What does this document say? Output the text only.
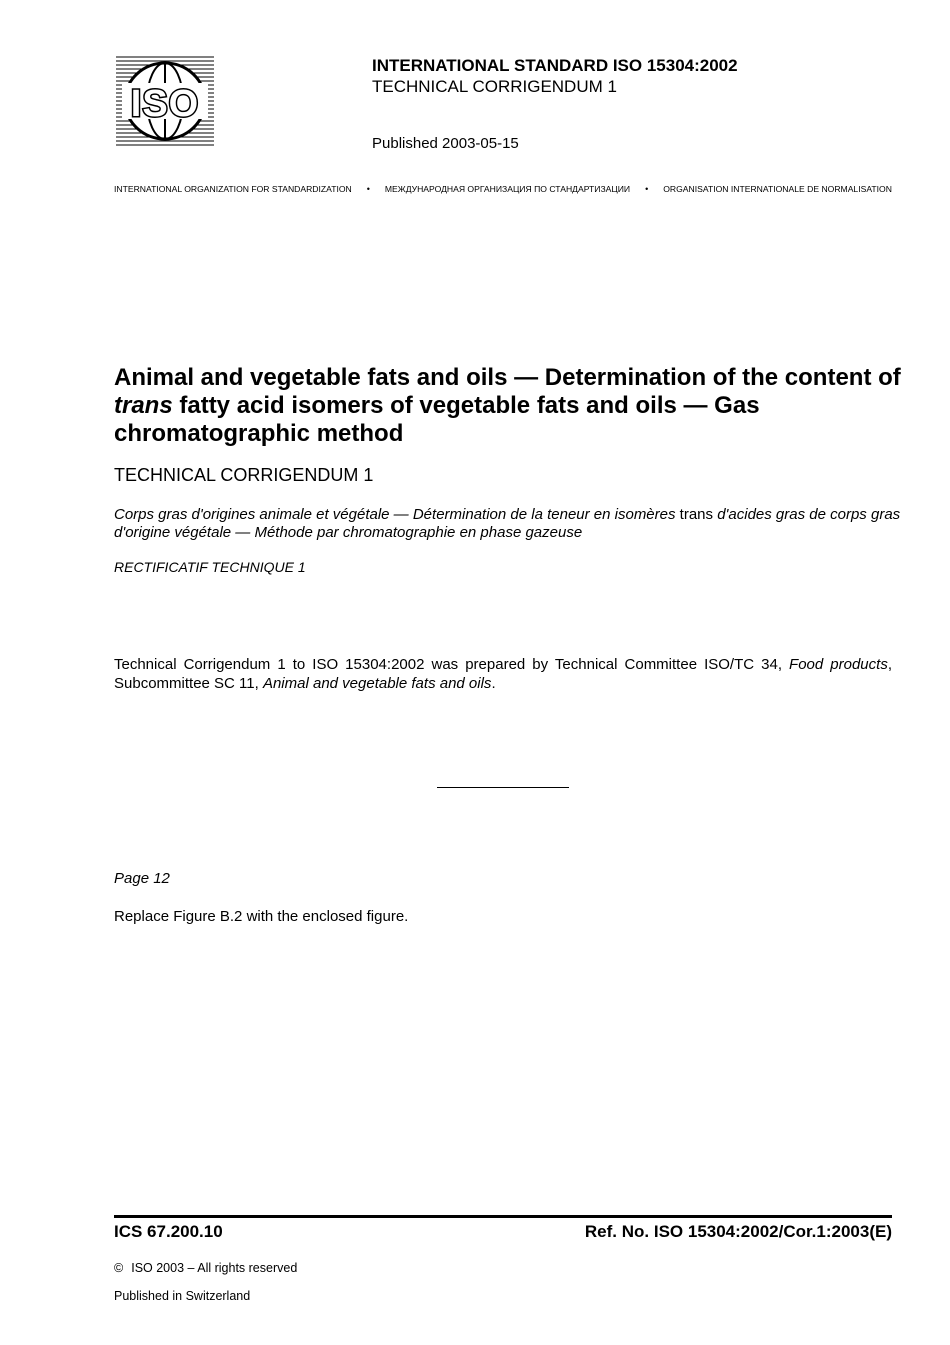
ISO
INTERNATIONAL STANDARD ISO 15304:2002
TECHNICAL CORRIGENDUM 1
Published 2003-05-15
INTERNATIONAL ORGANIZATION FOR STANDARDIZATION	•	МЕЖДУНАРОДНАЯ ОРГАНИЗАЦИЯ ПО СТАНДАРТИЗАЦИИ	•	ORGANISATION INTERNATIONALE DE NORMALISATION
Animal and vegetable fats and oils — Determination of the content of trans fatty acid isomers of vegetable fats and oils — Gas chromatographic method
TECHNICAL CORRIGENDUM 1
Corps gras d'origines animale et végétale — Détermination de la teneur en isomères trans d'acides gras de corps gras d'origine végétale — Méthode par chromatographie en phase gazeuse
RECTIFICATIF TECHNIQUE 1
Technical Corrigendum 1 to ISO 15304:2002 was prepared by Technical Committee ISO/TC 34, Food products, Subcommittee SC 11, Animal and vegetable fats and oils.
Page 12
Replace Figure B.2 with the enclosed figure.
ICS 67.200.10	Ref. No. ISO 15304:2002/Cor.1:2003(E)
© ISO 2003 – All rights reserved
Published in Switzerland
